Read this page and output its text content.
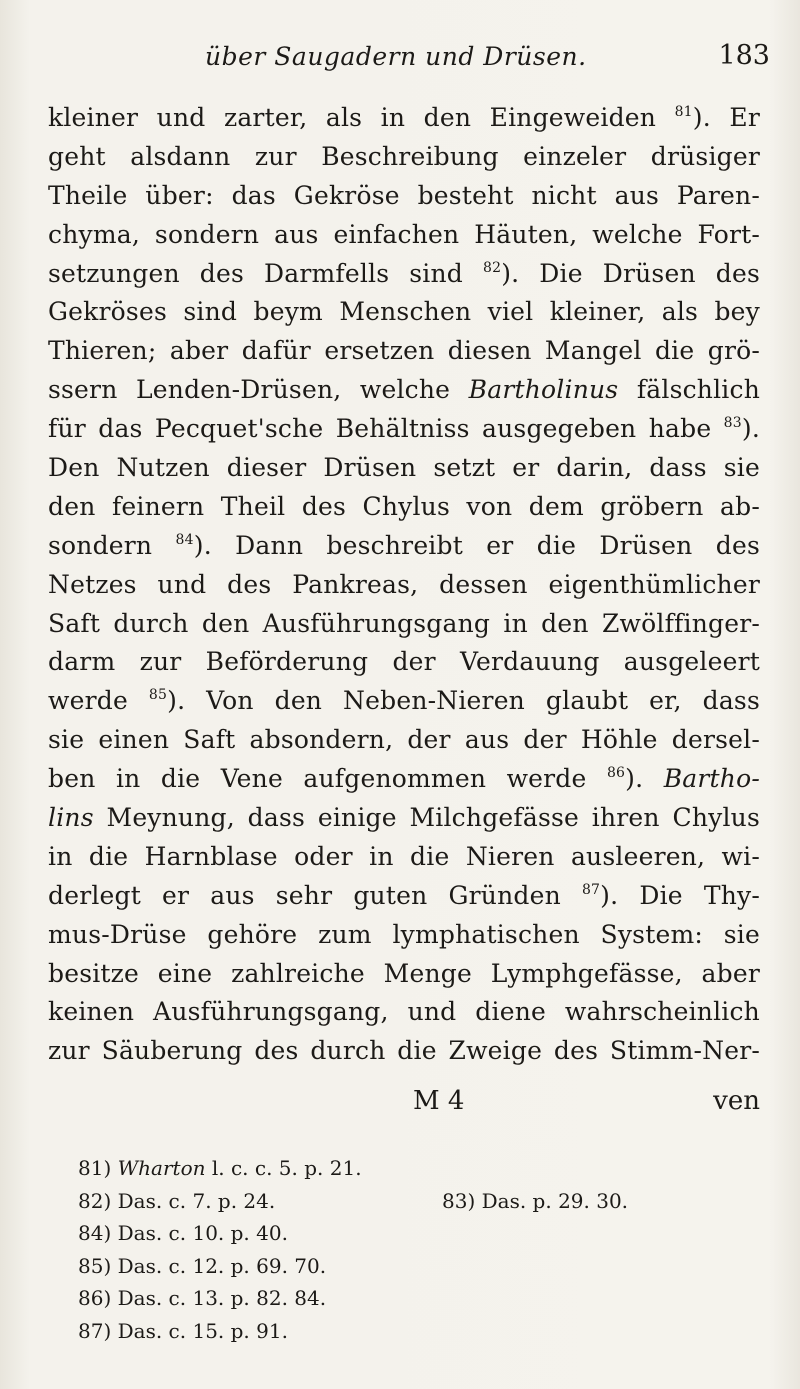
über Saugadern und Drüsen.	183
kleiner und zarter, als in den Eingeweiden $^{81}$). Er
geht alsdann zur Beschreibung einzeler drüsiger
Theile über: das Gekröse besteht nicht aus Paren-
chyma, sondern aus einfachen Häuten, welche Fort-
setzungen des Darmfells sind $^{82}$). Die Drüsen des
Gekröses sind beym Menschen viel kleiner, als bey
Thieren; aber dafür ersetzen diesen Mangel die grö-
ssern Lenden-Drüsen, welche Bartholinus fälschlich
für das Pecquet'sche Behältniss ausgegeben habe $^{83}$).
Den Nutzen dieser Drüsen setzt er darin, dass sie
den feinern Theil des Chylus von dem gröbern ab-
sondern $^{84}$). Dann beschreibt er die Drüsen des
Netzes und des Pankreas, dessen eigenthümlicher
Saft durch den Ausführungsgang in den Zwölffinger-
darm zur Beförderung der Verdauung ausgeleert
werde $^{85}$). Von den Neben-Nieren glaubt er, dass
sie einen Saft absondern, der aus der Höhle dersel-
ben in die Vene aufgenommen werde $^{86}$). Bartho-
lins Meynung, dass einige Milchgefässe ihren Chylus
in die Harnblase oder in die Nieren ausleeren, wi-
derlegt er aus sehr guten Gründen $^{87}$). Die Thy-
mus-Drüse gehöre zum lymphatischen System: sie
besitze eine zahlreiche Menge Lymphgefässe, aber
keinen Ausführungsgang, und diene wahrscheinlich
zur Säuberung des durch die Zweige des Stimm-Ner-
M 4	ven
81) Wharton l. c. c. 5. p. 21.
82) Das. c. 7. p. 24.	83) Das. p. 29. 30.
84) Das. c. 10. p. 40.
85) Das. c. 12. p. 69. 70.
86) Das. c. 13. p. 82. 84.
87) Das. c. 15. p. 91.
